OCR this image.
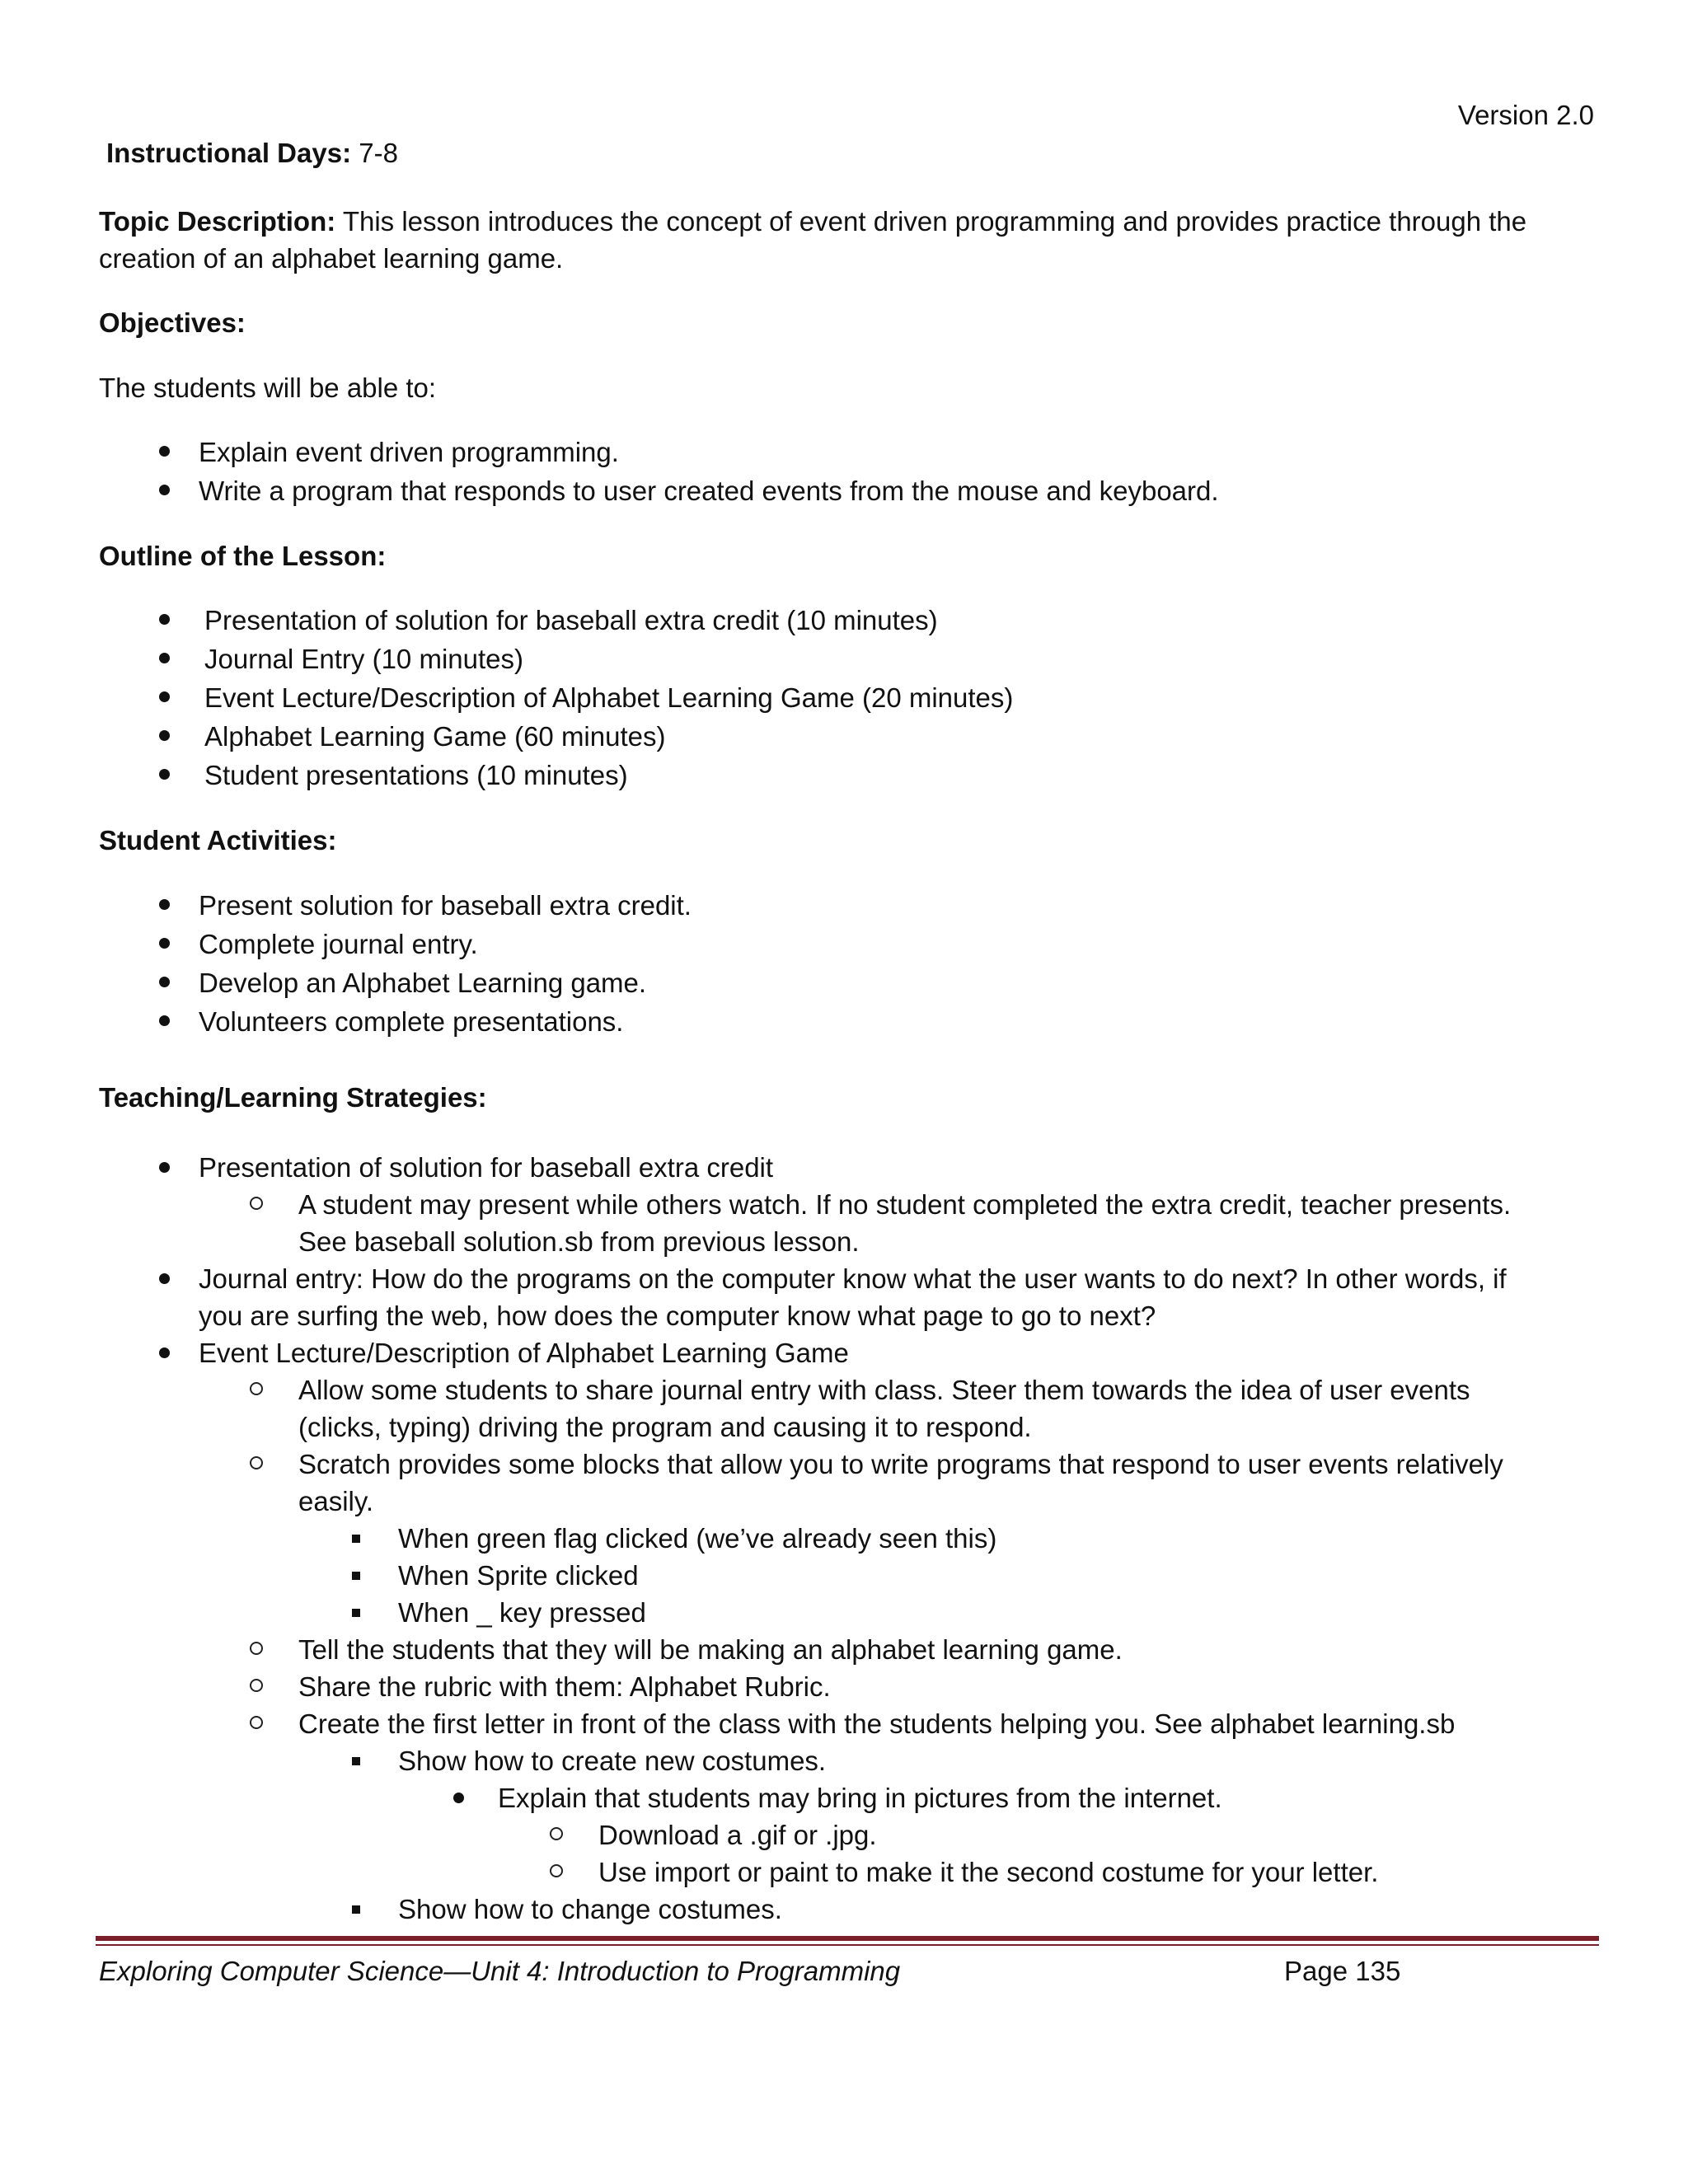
Version 2.0
Instructional Days: 7-8
Topic Description: This lesson introduces the concept of event driven programming and provides practice through the creation of an alphabet learning game.
Objectives:
The students will be able to:
Explain event driven programming.
Write a program that responds to user created events from the mouse and keyboard.
Outline of the Lesson:
Presentation of solution for baseball extra credit (10 minutes)
Journal Entry (10 minutes)
Event Lecture/Description of Alphabet Learning Game (20 minutes)
Alphabet Learning Game (60 minutes)
Student presentations (10 minutes)
Student Activities:
Present solution for baseball extra credit.
Complete journal entry.
Develop an Alphabet Learning game.
Volunteers complete presentations.
Teaching/Learning Strategies:
Presentation of solution for baseball extra credit
A student may present while others watch. If no student completed the extra credit, teacher presents.
See baseball solution.sb from previous lesson.
Journal entry: How do the programs on the computer know what the user wants to do next? In other words, if
you are surfing the web, how does the computer know what page to go to next?
Event Lecture/Description of Alphabet Learning Game
Allow some students to share journal entry with class. Steer them towards the idea of user events
(clicks, typing) driving the program and causing it to respond.
Scratch provides some blocks that allow you to write programs that respond to user events relatively
easily.
When green flag clicked (we’ve already seen this)
When Sprite clicked
When _ key pressed
Tell the students that they will be making an alphabet learning game.
Share the rubric with them: Alphabet Rubric.
Create the first letter in front of the class with the students helping you. See alphabet learning.sb
Show how to create new costumes.
Explain that students may bring in pictures from the internet.
Download a .gif or .jpg.
Use import or paint to make it the second costume for your letter.
Show how to change costumes.
Exploring Computer Science—Unit 4: Introduction to Programming	Page 135
